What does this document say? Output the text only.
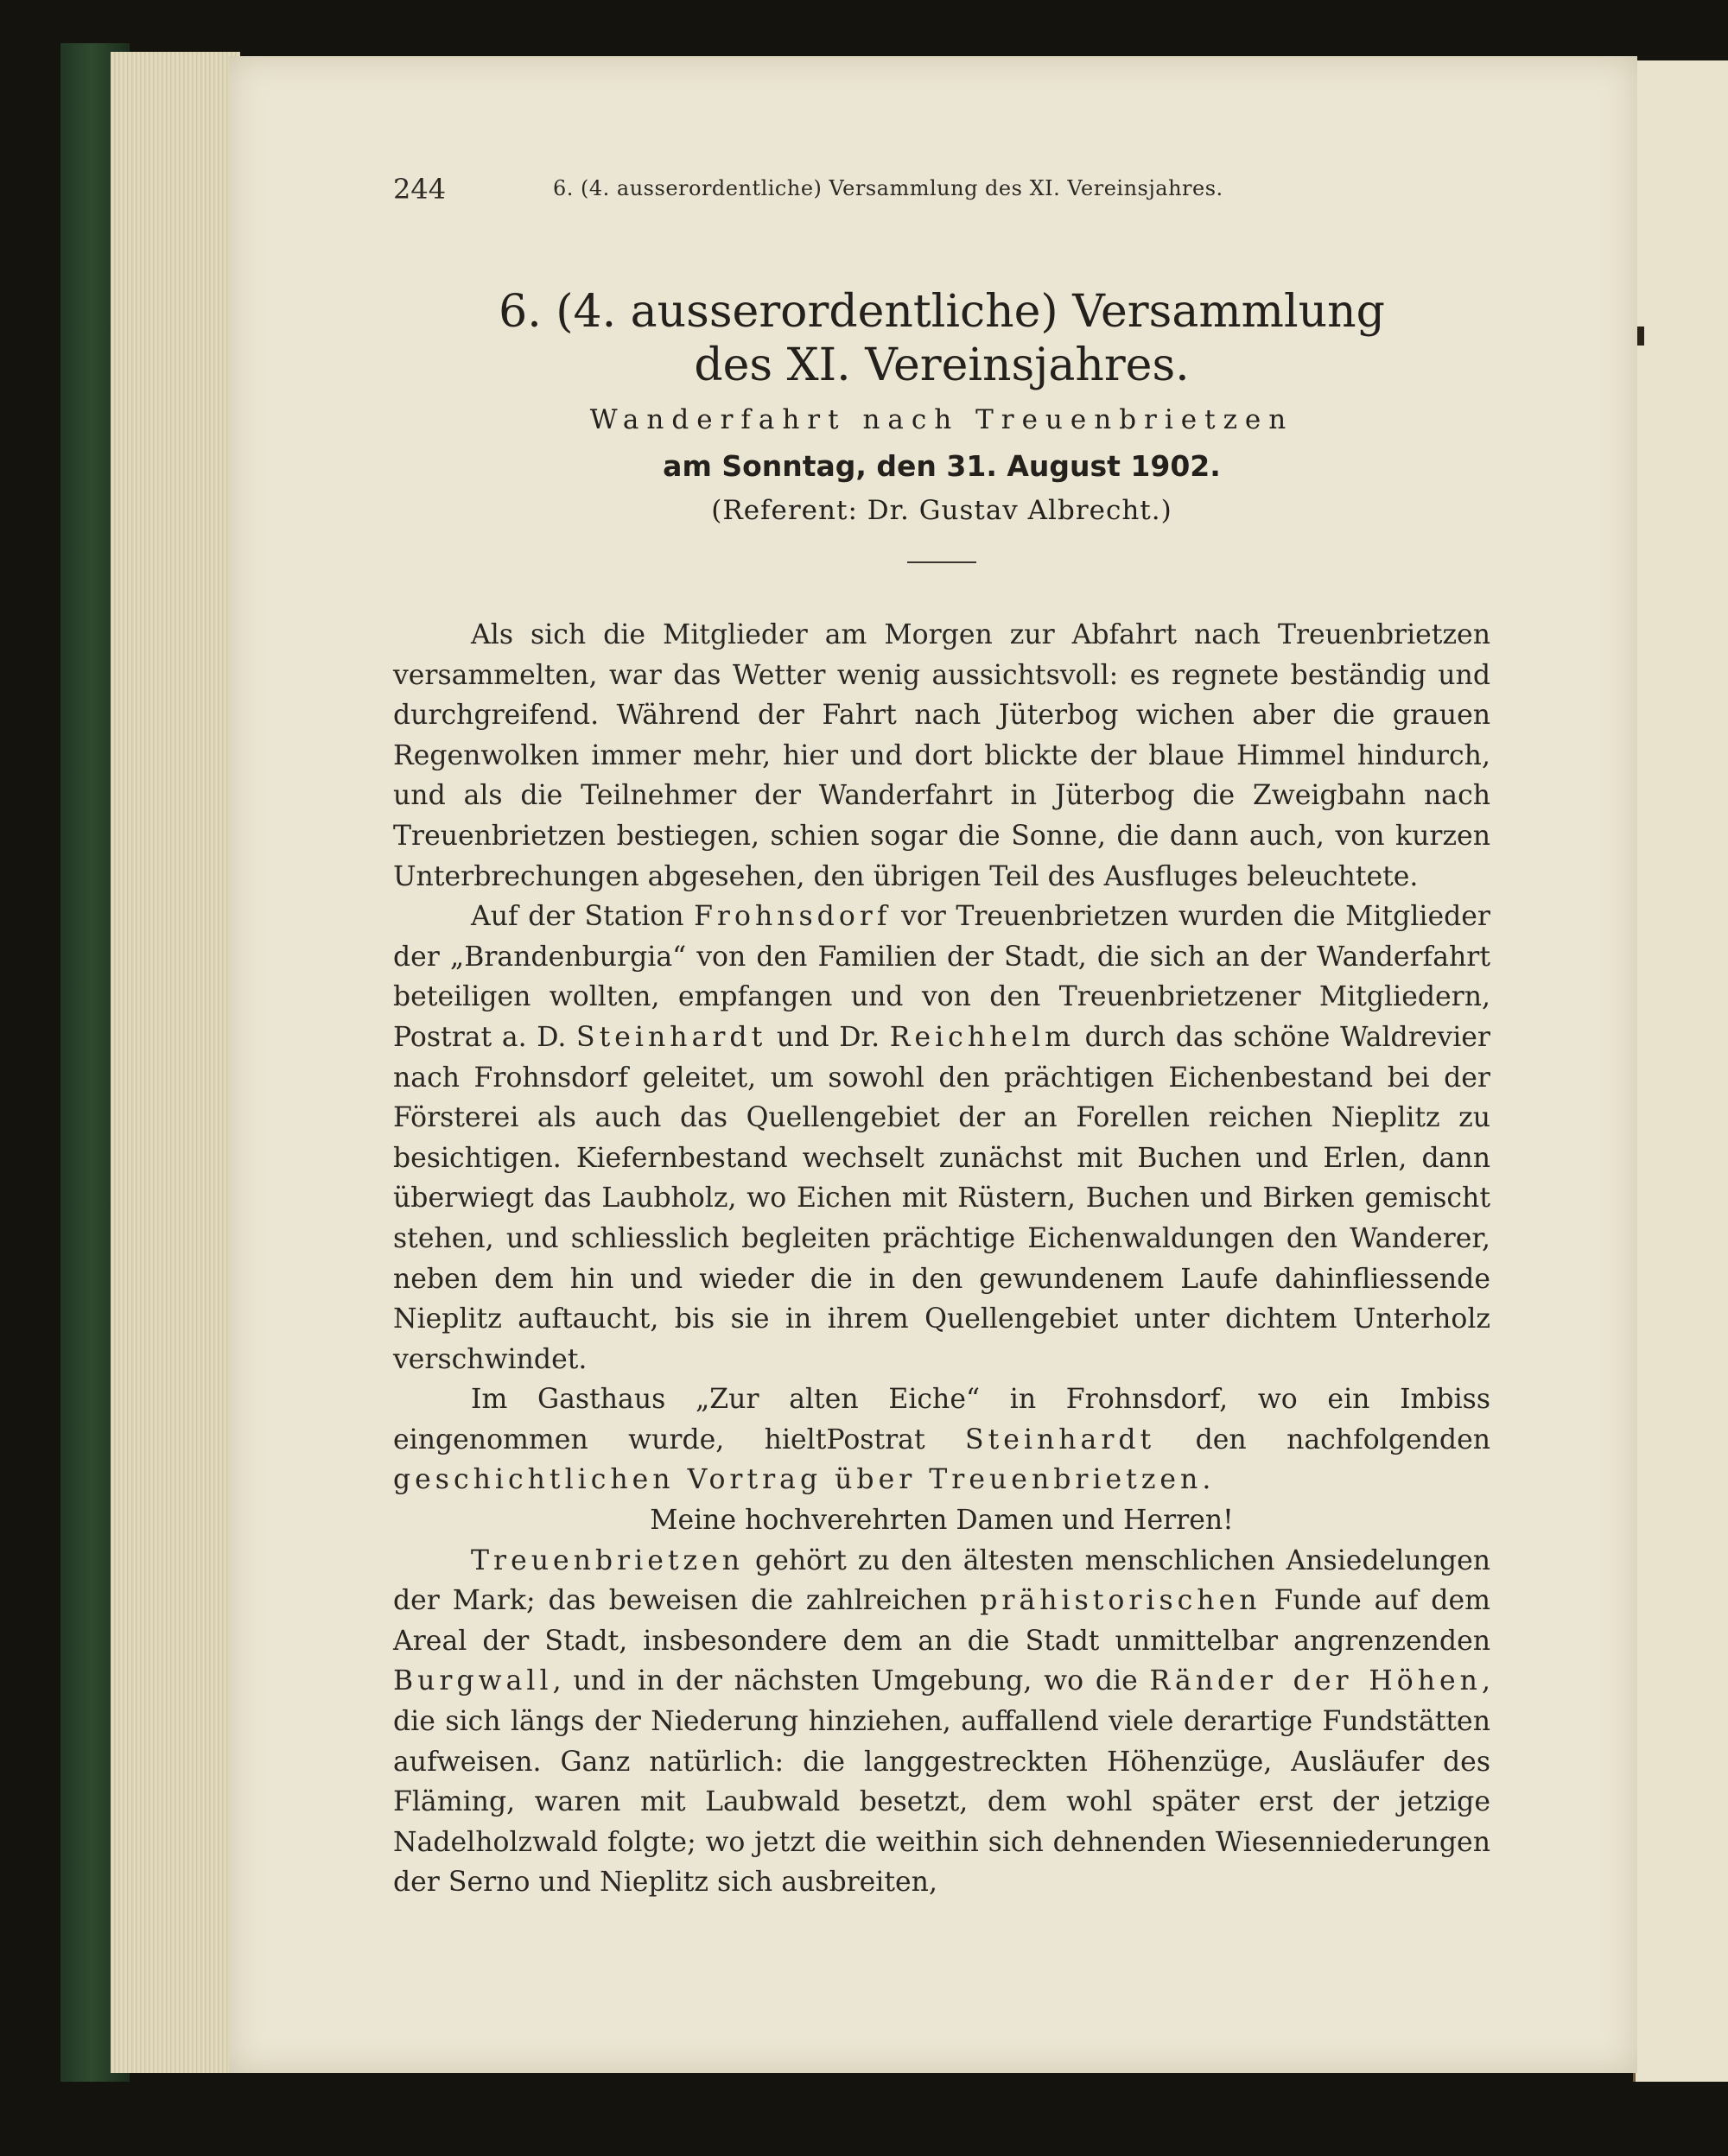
244	6. (4. ausserordentliche) Versammlung des XI. Vereinsjahres.
6. (4. ausserordentliche) Versammlung
des XI. Vereinsjahres.
Wanderfahrt nach Treuenbrietzen
am Sonntag, den 31. August 1902.
(Referent: Dr. Gustav Albrecht.)

Als sich die Mitglieder am Morgen zur Abfahrt nach Treuenbrietzen versammelten, war das Wetter wenig aussichtsvoll: es regnete beständig und durchgreifend. Während der Fahrt nach Jüterbog wichen aber die grauen Regenwolken immer mehr, hier und dort blickte der blaue Himmel hindurch, und als die Teilnehmer der Wanderfahrt in Jüterbog die Zweigbahn nach Treuenbrietzen bestiegen, schien sogar die Sonne, die dann auch, von kurzen Unterbrechungen abgesehen, den übrigen Teil des Ausfluges beleuchtete.

Auf der Station Frohnsdorf vor Treuenbrietzen wurden die Mitglieder der „Brandenburgia“ von den Familien der Stadt, die sich an der Wanderfahrt beteiligen wollten, empfangen und von den Treuenbrietzener Mitgliedern, Postrat a. D. Steinhardt und Dr. Reichhelm durch das schöne Waldrevier nach Frohnsdorf geleitet, um sowohl den prächtigen Eichenbestand bei der Försterei als auch das Quellengebiet der an Forellen reichen Nieplitz zu besichtigen. Kiefernbestand wechselt zunächst mit Buchen und Erlen, dann überwiegt das Laubholz, wo Eichen mit Rüstern, Buchen und Birken gemischt stehen, und schliesslich begleiten prächtige Eichenwaldungen den Wanderer, neben dem hin und wieder die in den gewundenem Laufe dahinfliessende Nieplitz auftaucht, bis sie in ihrem Quellengebiet unter dichtem Unterholz verschwindet.

Im Gasthaus „Zur alten Eiche“ in Frohnsdorf, wo ein Imbiss eingenommen wurde, hieltPostrat Steinhardt den nachfolgenden geschichtlichen Vortrag über Treuenbrietzen.

Meine hochverehrten Damen und Herren!

Treuenbrietzen gehört zu den ältesten menschlichen Ansiedelungen der Mark; das beweisen die zahlreichen prähistorischen Funde auf dem Areal der Stadt, insbesondere dem an die Stadt unmittelbar angrenzenden Burgwall, und in der nächsten Umgebung, wo die Ränder der Höhen, die sich längs der Niederung hinziehen, auffallend viele derartige Fundstätten aufweisen. Ganz natürlich: die langgestreckten Höhenzüge, Ausläufer des Fläming, waren mit Laubwald besetzt, dem wohl später erst der jetzige Nadelholzwald folgte; wo jetzt die weithin sich dehnenden Wiesenniederungen der Serno und Nieplitz sich ausbreiten,
